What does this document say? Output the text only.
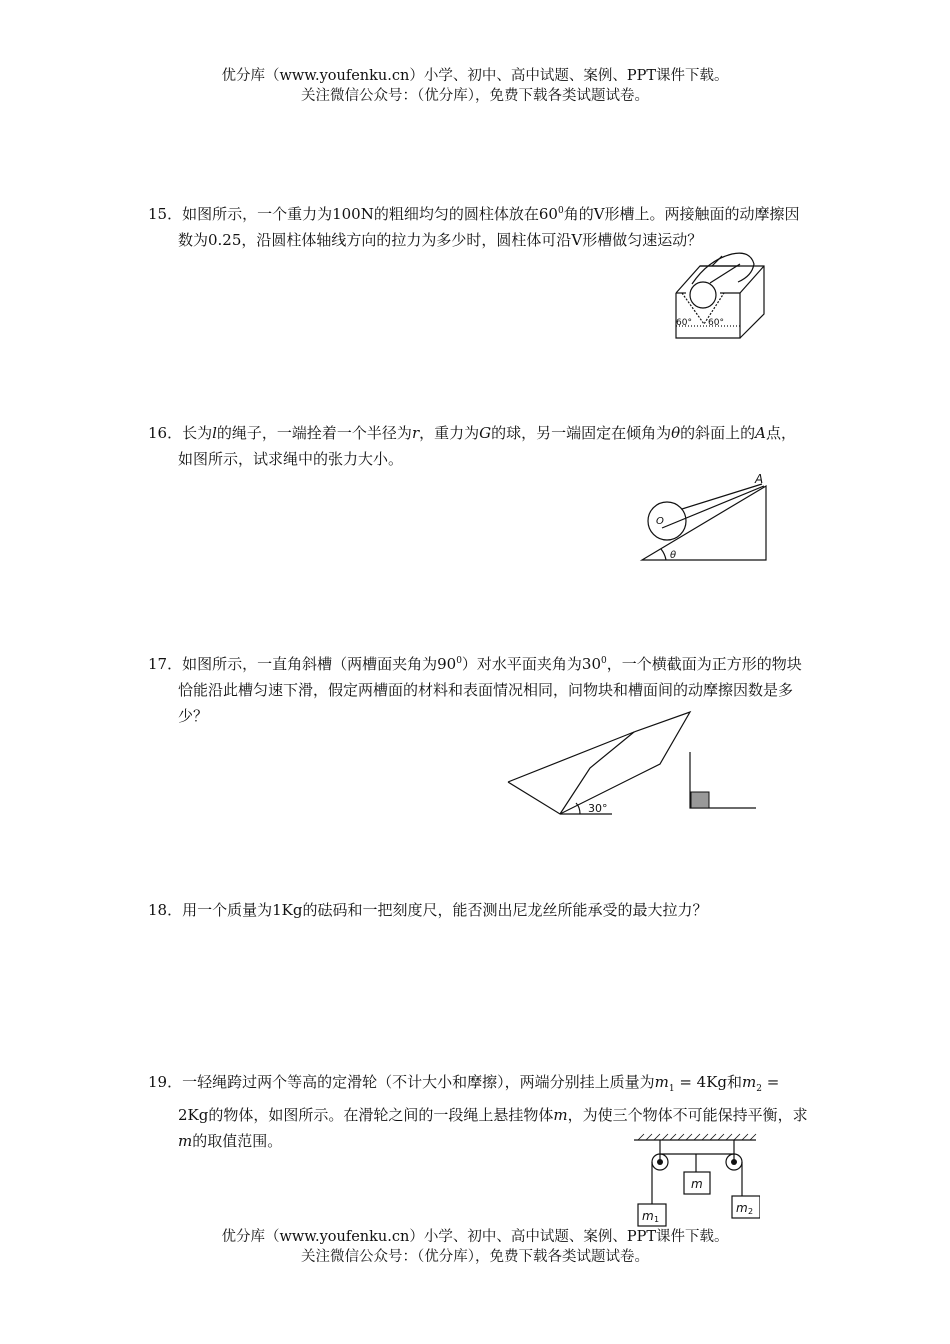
优分库（www.youfenku.cn）小学、初中、高中试题、案例、PPT课件下载。
关注微信公众号：（优分库），免费下载各类试题试卷。

15．如图所示，一个重力为100N的粗细均匀的圆柱体放在$60^0$角的V形槽上。两接触面的动摩擦因数为0.25，沿圆柱体轴线方向的拉力为多少时，圆柱体可沿V形槽做匀速运动？

60° 60°

16．长为l的绳子，一端拴着一个半径为r，重力为G的球，另一端固定在倾角为θ的斜面上的A点，如图所示，试求绳中的张力大小。

A
O
θ

17．如图所示，一直角斜槽（两槽面夹角为$90^0$）对水平面夹角为$30^0$，一个横截面为正方形的物块恰能沿此槽匀速下滑，假定两槽面的材料和表面情况相同，问物块和槽面间的动摩擦因数是多少？

30°

18．用一个质量为1Kg的砝码和一把刻度尺，能否测出尼龙丝所能承受的最大拉力？

19．一轻绳跨过两个等高的定滑轮（不计大小和摩擦），两端分别挂上质量为$m_1 = 4Kg$和$m_2 = 2Kg$的物体，如图所示。在滑轮之间的一段绳上悬挂物体m，为使三个物体不可能保持平衡，求m的取值范围。

m
m 1
m 2
优分库（www.youfenku.cn）小学、初中、高中试题、案例、PPT课件下载。
关注微信公众号：（优分库），免费下载各类试题试卷。
